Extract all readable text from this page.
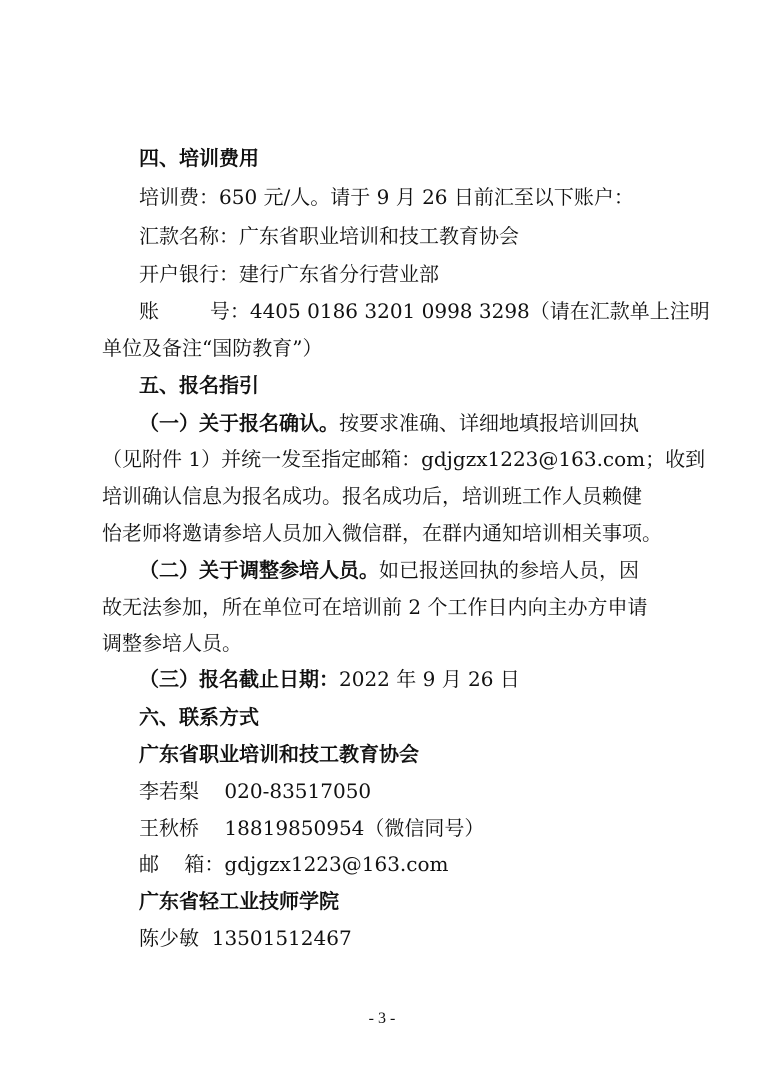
四、培训费用
培训费：650 元/人。请于 9 月 26 日前汇至以下账户：
汇款名称：广东省职业培训和技工教育协会
开户银行：建行广东省分行营业部
账        号：4405 0186 3201 0998 3298（请在汇款单上注明
单位及备注“国防教育”）
五、报名指引
（一）关于报名确认。按要求准确、详细地填报培训回执
（见附件 1）并统一发至指定邮箱：gdjgzx1223@163.com；收到
培训确认信息为报名成功。报名成功后，培训班工作人员赖健
怡老师将邀请参培人员加入微信群，在群内通知培训相关事项。
（二）关于调整参培人员。如已报送回执的参培人员，因
故无法参加，所在单位可在培训前 2 个工作日内向主办方申请
调整参培人员。
（三）报名截止日期：2022 年 9 月 26 日
六、联系方式
广东省职业培训和技工教育协会
李若梨    020-83517050
王秋桥    18819850954（微信同号）
邮    箱：gdjgzx1223@163.com
广东省轻工业技师学院
陈少敏  13501512467
- 3 -
